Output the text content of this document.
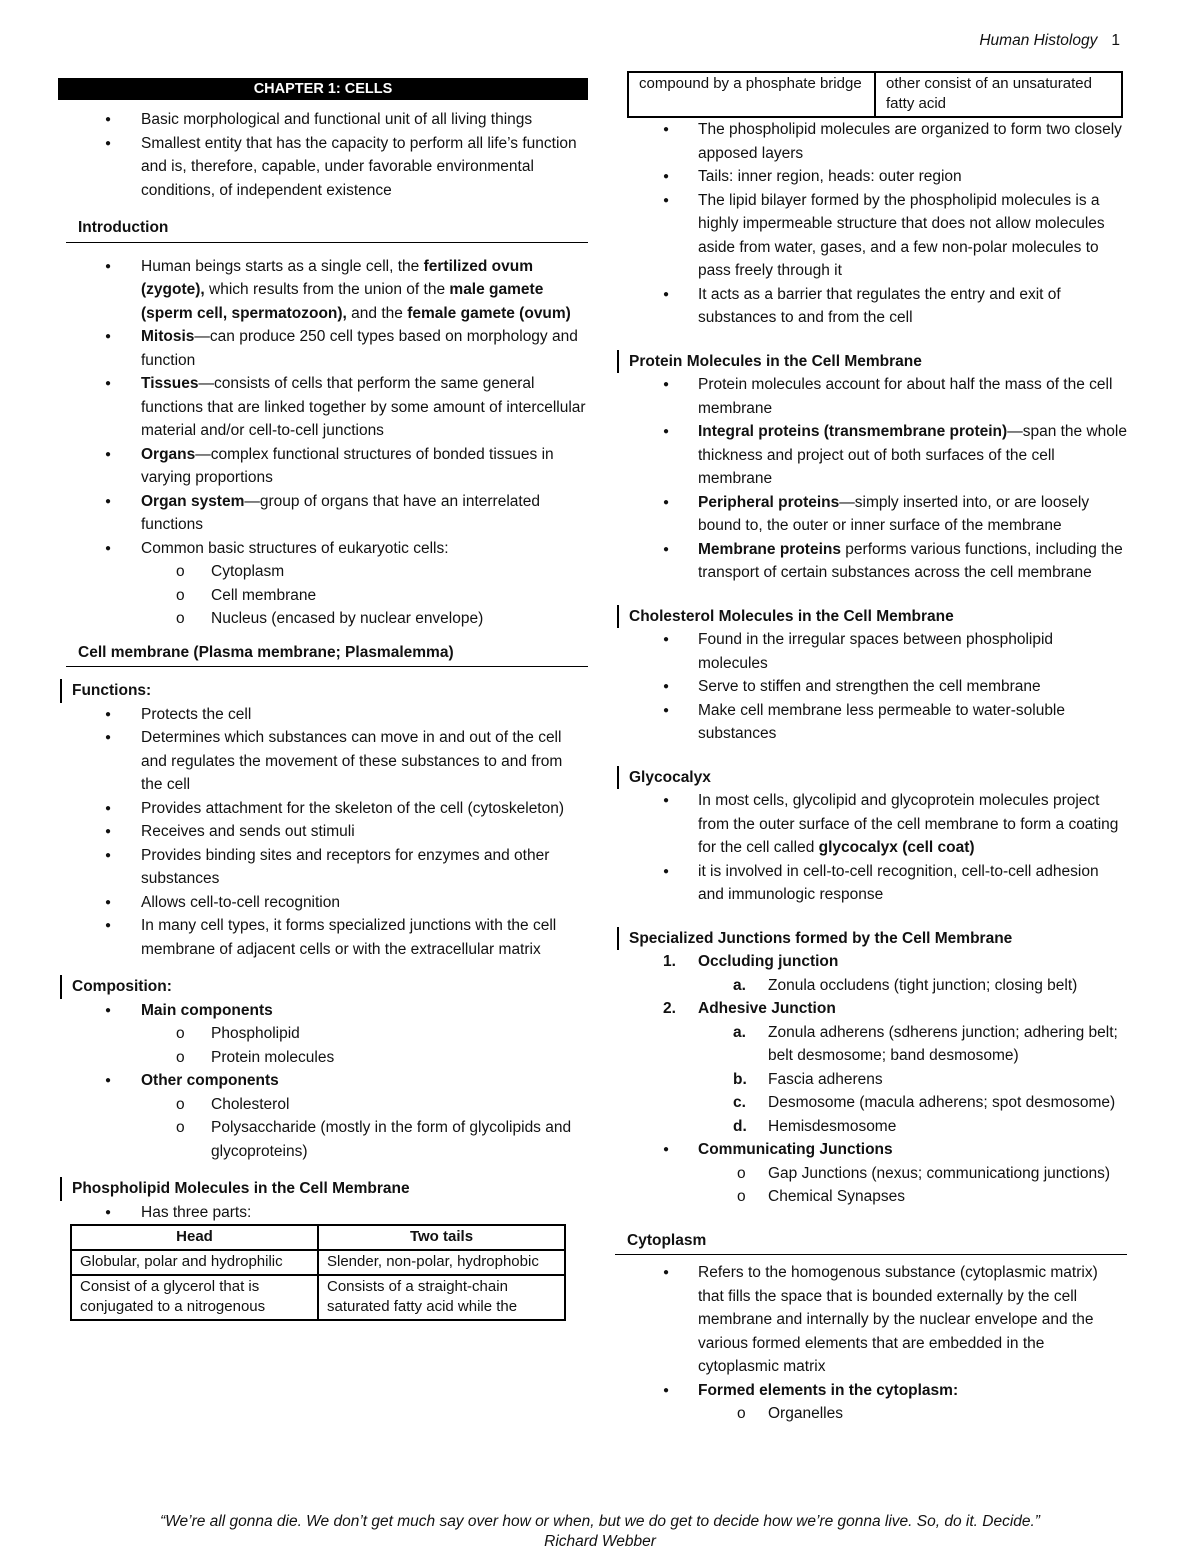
Human Histology 1
CHAPTER 1: CELLS
● Basic morphological and functional unit of all living things
● Smallest entity that has the capacity to perform all life’s function and is, therefore, capable, under favorable environmental conditions, of independent existence
Introduction
● Human beings starts as a single cell, the fertilized ovum (zygote), which results from the union of the male gamete (sperm cell, spermatozoon), and the female gamete (ovum)
● Mitosis—can produce 250 cell types based on morphology and function
● Tissues—consists of cells that perform the same general functions that are linked together by some amount of intercellular material and/or cell-to-cell junctions
● Organs—complex functional structures of bonded tissues in varying proportions
● Organ system—group of organs that have an interrelated functions
● Common basic structures of eukaryotic cells:
o Cytoplasm
o Cell membrane
o Nucleus (encased by nuclear envelope)
Cell membrane (Plasma membrane; Plasmalemma)
Functions:
● Protects the cell
● Determines which substances can move in and out of the cell and regulates the movement of these substances to and from the cell
● Provides attachment for the skeleton of the cell (cytoskeleton)
● Receives and sends out stimuli
● Provides binding sites and receptors for enzymes and other substances
● Allows cell-to-cell recognition
● In many cell types, it forms specialized junctions with the cell membrane of adjacent cells or with the extracellular matrix
Composition:
● Main components
o Phospholipid
o Protein molecules
● Other components
o Cholesterol
o Polysaccharide (mostly in the form of glycolipids and glycoproteins)
Phospholipid Molecules in the Cell Membrane
● Has three parts:
Head	Two tails
Globular, polar and hydrophilic	Slender, non-polar, hydrophobic
Consist of a glycerol that is conjugated to a nitrogenous	Consists of a straight-chain saturated fatty acid while the
compound by a phosphate bridge	other consist of an unsaturated fatty acid
● The phospholipid molecules are organized to form two closely apposed layers
● Tails: inner region, heads: outer region
● The lipid bilayer formed by the phospholipid molecules is a highly impermeable structure that does not allow molecules aside from water, gases, and a few non-polar molecules to pass freely through it
● It acts as a barrier that regulates the entry and exit of substances to and from the cell
Protein Molecules in the Cell Membrane
● Protein molecules account for about half the mass of the cell membrane
● Integral proteins (transmembrane protein)—span the whole thickness and project out of both surfaces of the cell membrane
● Peripheral proteins—simply inserted into, or are loosely bound to, the outer or inner surface of the membrane
● Membrane proteins performs various functions, including the transport of certain substances across the cell membrane
Cholesterol Molecules in the Cell Membrane
● Found in the irregular spaces between phospholipid molecules
● Serve to stiffen and strengthen the cell membrane
● Make cell membrane less permeable to water-soluble substances
Glycocalyx
● In most cells, glycolipid and glycoprotein molecules project from the outer surface of the cell membrane to form a coating for the cell called glycocalyx (cell coat)
● it is involved in cell-to-cell recognition, cell-to-cell adhesion and immunologic response
Specialized Junctions formed by the Cell Membrane
1. Occluding junction
a. Zonula occludens (tight junction; closing belt)
2. Adhesive Junction
a. Zonula adherens (sdherens junction; adhering belt; belt desmosome; band desmosome)
b. Fascia adherens
c. Desmosome (macula adherens; spot desmosome)
d. Hemisdesmosome
● Communicating Junctions
o Gap Junctions (nexus; communicationg junctions)
o Chemical Synapses
Cytoplasm
● Refers to the homogenous substance (cytoplasmic matrix) that fills the space that is bounded externally by the cell membrane and internally by the nuclear envelope and the various formed elements that are embedded in the cytoplasmic matrix
● Formed elements in the cytoplasm:
o Organelles
“We’re all gonna die. We don’t get much say over how or when, but we do get to decide how we’re gonna live. So, do it. Decide.”
Richard Webber
